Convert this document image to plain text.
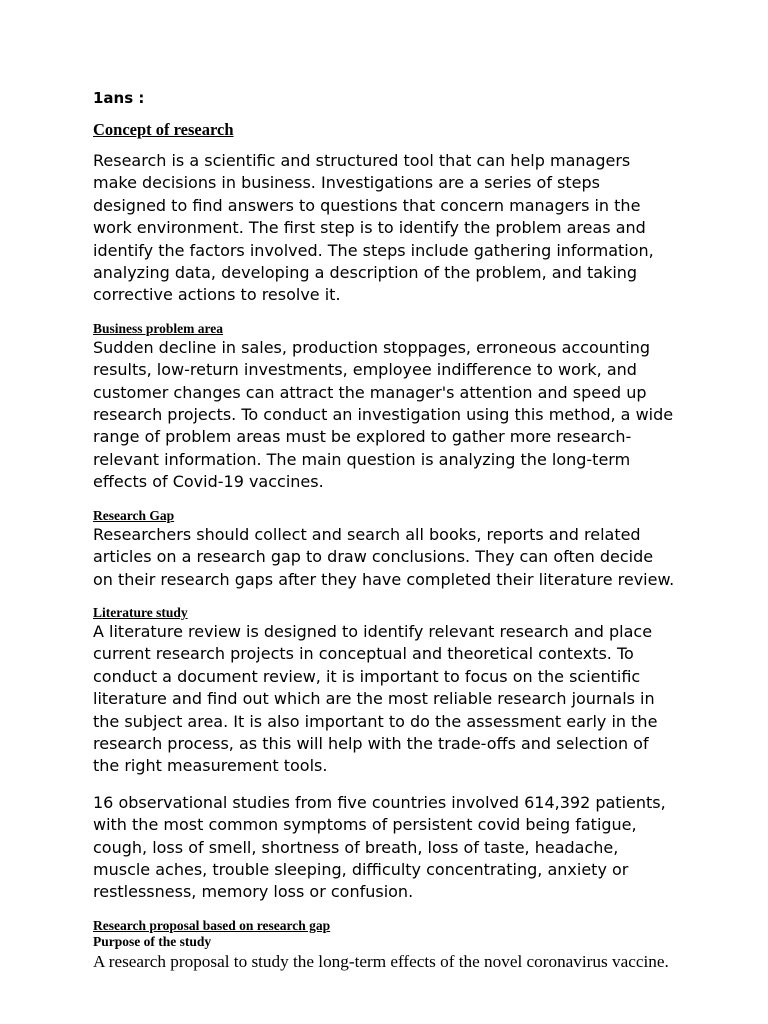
1ans :

Concept of research

Research is a scientific and structured tool that can help managers make decisions in business. Investigations are a series of steps designed to find answers to questions that concern managers in the work environment. The first step is to identify the problem areas and identify the factors involved. The steps include gathering information, analyzing data, developing a description of the problem, and taking corrective actions to resolve it.

Business problem area

Sudden decline in sales, production stoppages, erroneous accounting results, low-return investments, employee indifference to work, and customer changes can attract the manager's attention and speed up research projects. To conduct an investigation using this method, a wide range of problem areas must be explored to gather more research-relevant information. The main question is analyzing the long-term effects of Covid-19 vaccines.

Research Gap

Researchers should collect and search all books, reports and related articles on a research gap to draw conclusions. They can often decide on their research gaps after they have completed their literature review.

Literature study

A literature review is designed to identify relevant research and place current research projects in conceptual and theoretical contexts. To conduct a document review, it is important to focus on the scientific literature and find out which are the most reliable research journals in the subject area. It is also important to do the assessment early in the research process, as this will help with the trade-offs and selection of the right measurement tools.

16 observational studies from five countries involved 614,392 patients, with the most common symptoms of persistent covid being fatigue, cough, loss of smell, shortness of breath, loss of taste, headache, muscle aches, trouble sleeping, difficulty concentrating, anxiety or restlessness, memory loss or confusion.

Research proposal based on research gap

Purpose of the study

A research proposal to study the long-term effects of the novel coronavirus vaccine.
